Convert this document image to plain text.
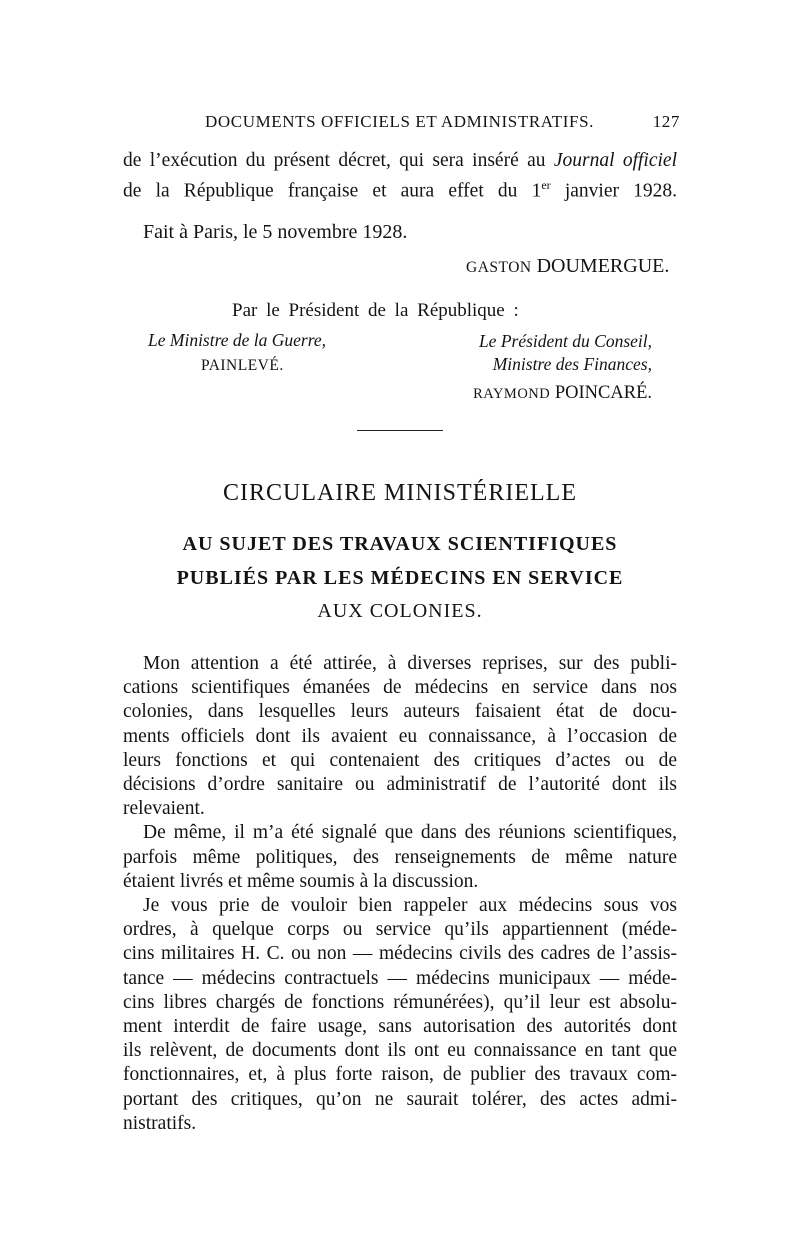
DOCUMENTS OFFICIELS ET ADMINISTRATIFS.	127
de l’exécution du présent décret, qui sera inséré au Journal officiel
de la République française et aura effet du 1er janvier 1928.
Fait à Paris, le 5 novembre 1928.
GASTON DOUMERGUE.
Par le Président de la République :
Le Ministre de la Guerre,
PAINLEVÉ.
Le Président du Conseil,
Ministre des Finances,
RAYMOND POINCARÉ.
CIRCULAIRE MINISTÉRIELLE
AU SUJET DES TRAVAUX SCIENTIFIQUES
PUBLIÉS PAR LES MÉDECINS EN SERVICE
AUX COLONIES.

Mon attention a été attirée, à diverses reprises, sur des publi-
cations scientifiques émanées de médecins en service dans nos
colonies, dans lesquelles leurs auteurs faisaient état de docu-
ments officiels dont ils avaient eu connaissance, à l’occasion de
leurs fonctions et qui contenaient des critiques d’actes ou de
décisions d’ordre sanitaire ou administratif de l’autorité dont ils
relevaient.

De même, il m’a été signalé que dans des réunions scientifiques,
parfois même politiques, des renseignements de même nature
étaient livrés et même soumis à la discussion.

Je vous prie de vouloir bien rappeler aux médecins sous vos
ordres, à quelque corps ou service qu’ils appartiennent (méde-
cins militaires H. C. ou non — médecins civils des cadres de l’assis-
tance — médecins contractuels — médecins municipaux — méde-
cins libres chargés de fonctions rémunérées), qu’il leur est absolu-
ment interdit de faire usage, sans autorisation des autorités dont
ils relèvent, de documents dont ils ont eu connaissance en tant que
fonctionnaires, et, à plus forte raison, de publier des travaux com-
portant des critiques, qu’on ne saurait tolérer, des actes admi-
nistratifs.
